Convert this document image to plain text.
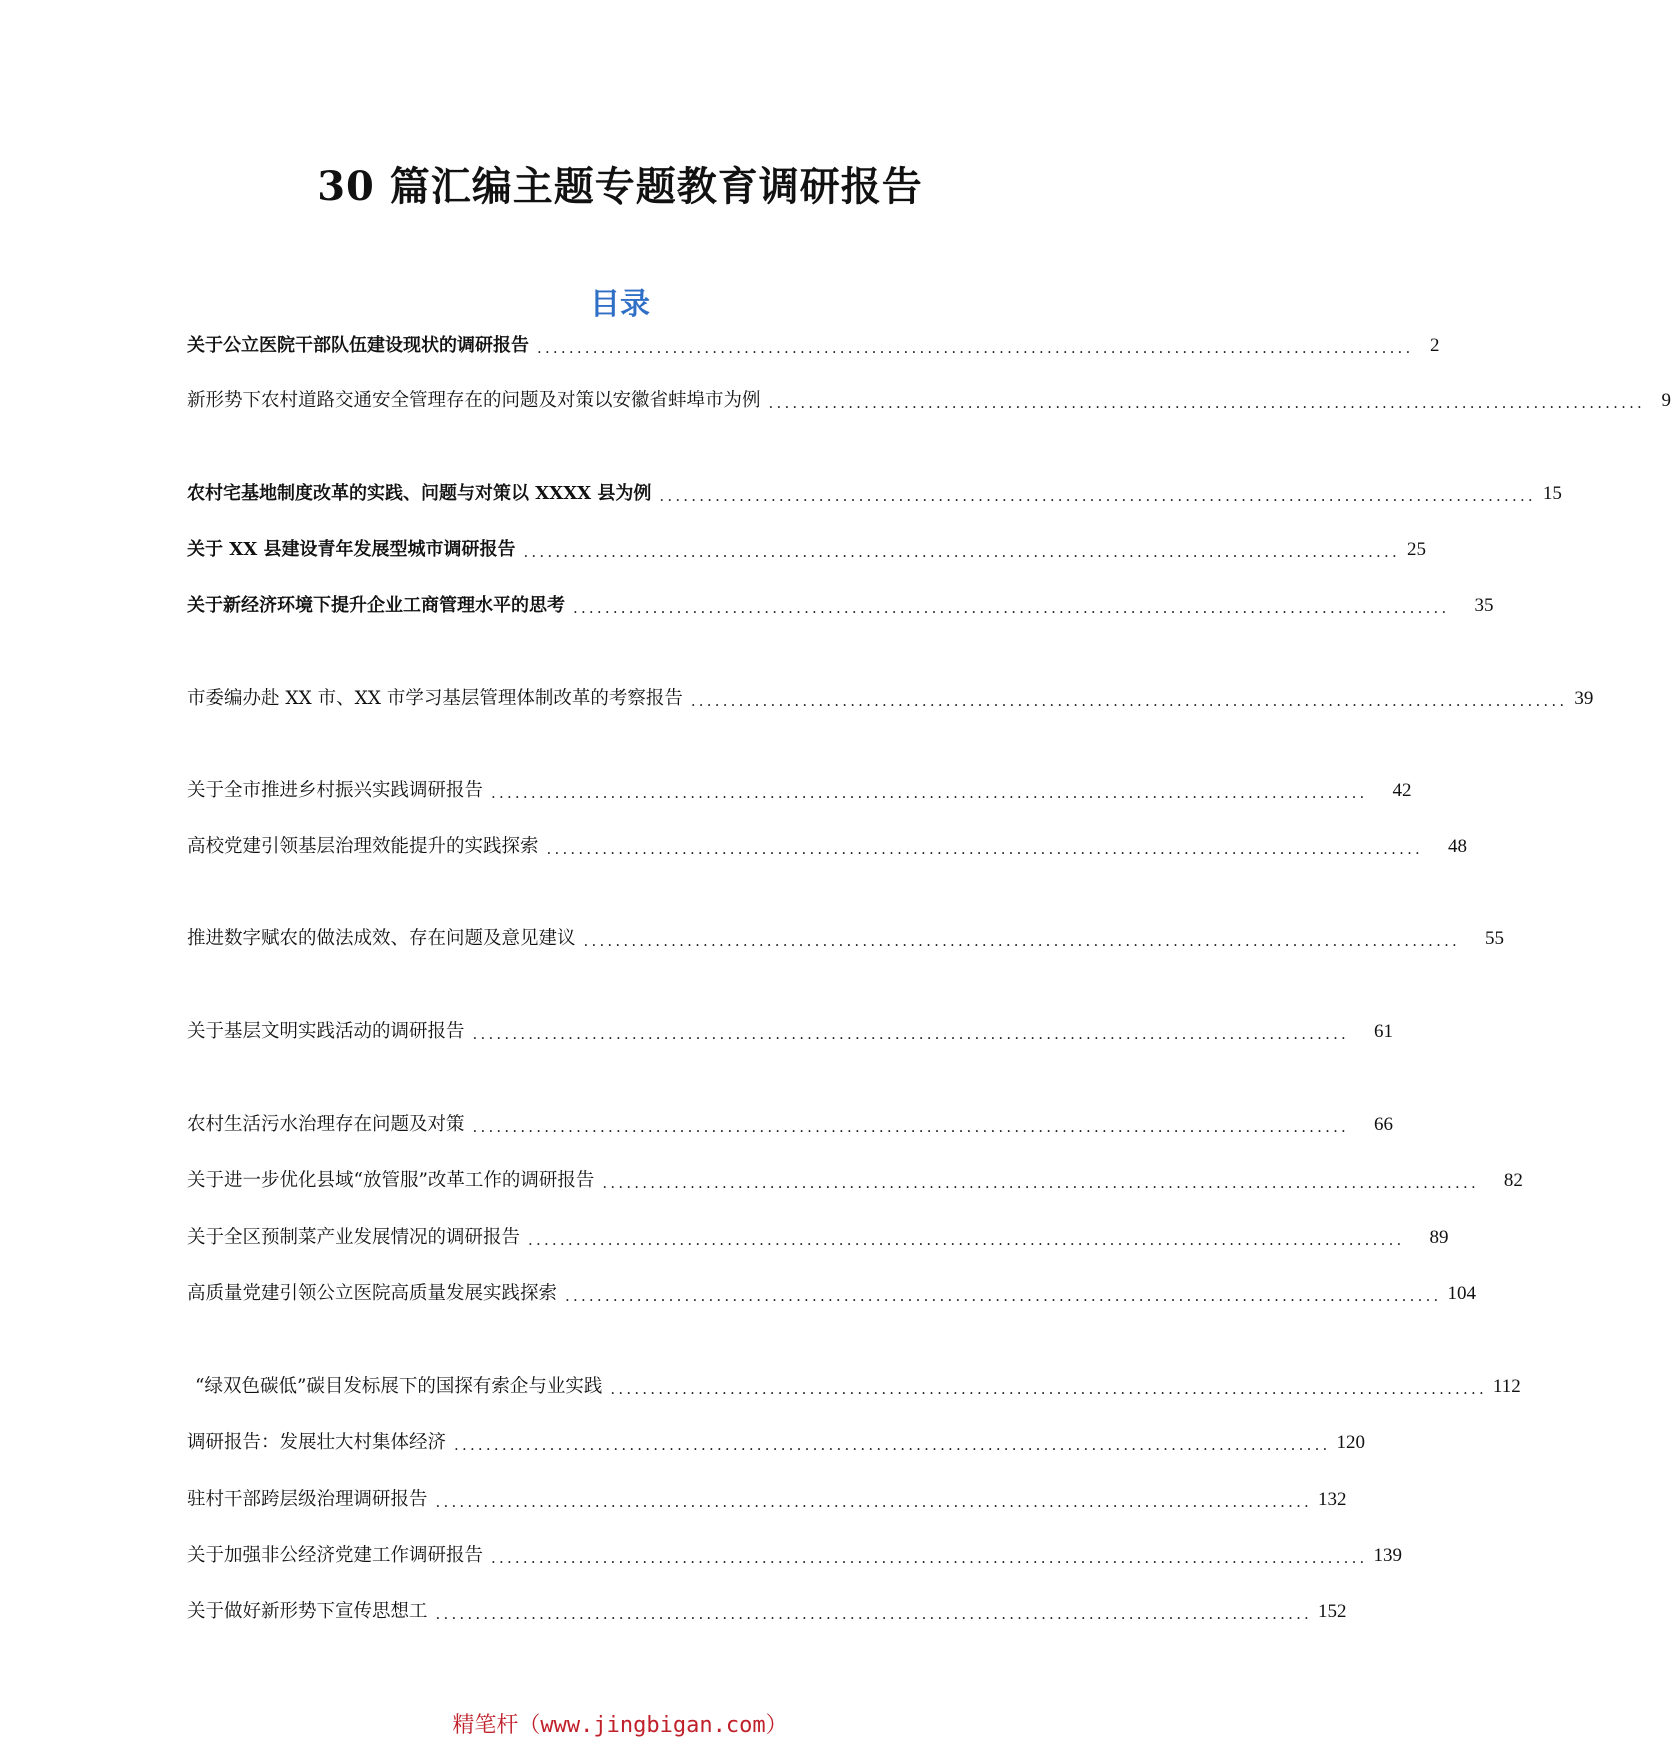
30 篇汇编主题专题教育调研报告
目录
关于公立医院干部队伍建设现状的调研报告 .............................................................................................................. 2
新形势下农村道路交通安全管理存在的问题及对策以安徽省蚌埠市为例 .............................................................................................................. 9
农村宅基地制度改革的实践、问题与对策以 XXXX 县为例 .............................................................................................................. 15
关于 XX 县建设青年发展型城市调研报告 .............................................................................................................. 25
关于新经济环境下提升企业工商管理水平的思考 ..............................................................................................................	35
市委编办赴 XX 市、XX 市学习基层管理体制改革的考察报告 .............................................................................................................. 39
关于全市推进乡村振兴实践调研报告 ..............................................................................................................	42
高校党建引领基层治理效能提升的实践探索 ..............................................................................................................	48
推进数字赋农的做法成效、存在问题及意见建议 ..............................................................................................................	55
关于基层文明实践活动的调研报告 ..............................................................................................................	61
农村生活污水治理存在问题及对策 ..............................................................................................................	66
关于进一步优化县域“放管服”改革工作的调研报告 ..............................................................................................................	82
关于全区预制菜产业发展情况的调研报告 ..............................................................................................................	89
高质量党建引领公立医院高质量发展实践探索 .............................................................................................................. 104
“绿双色碳低”碳目发标展下的国探有索企与业实践 .............................................................................................................. 112
调研报告：发展壮大村集体经济 .............................................................................................................. 120
驻村干部跨层级治理调研报告 .............................................................................................................. 132
关于加强非公经济党建工作调研报告 .............................................................................................................. 139
关于做好新形势下宣传思想工 .............................................................................................................. 152

精笔杆（www.jingbigan.com）
